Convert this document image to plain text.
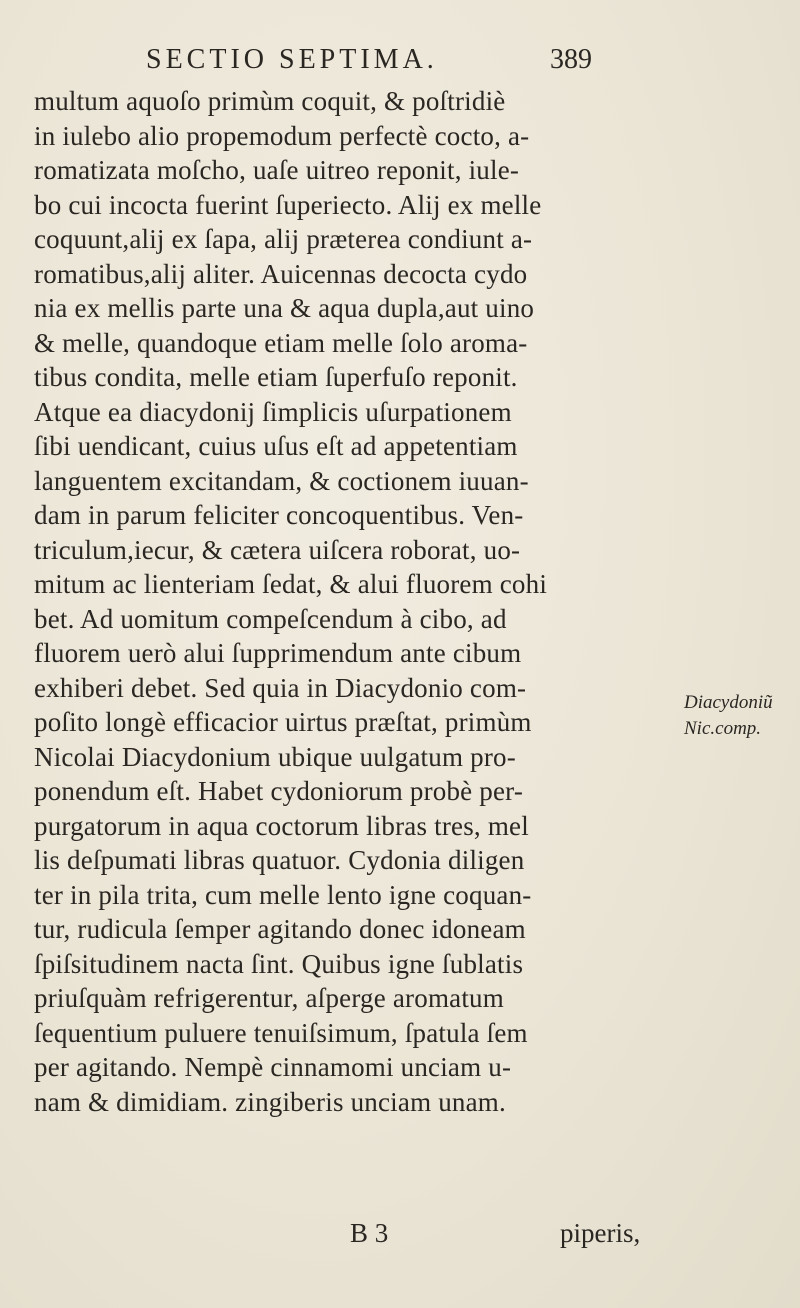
SECTIO SEPTIMA.	389
multum aquoſo primùm coquit, & poſtridiè
in iulebo alio propemodum perfectè cocto, a-
romatizata moſcho, uaſe uitreo reponit, iule-
bo cui incocta fuerint ſuperiecto. Alij ex melle
coquunt,alij ex ſapa, alij præterea condiunt a-
romatibus,alij aliter. Auicennas decocta cydo
nia ex mellis parte una & aqua dupla,aut uino
& melle, quandoque etiam melle ſolo aroma-
tibus condita, melle etiam ſuperfuſo reponit.
Atque ea diacydonij ſimplicis uſurpationem
ſibi uendicant, cuius uſus eſt ad appetentiam
languentem excitandam, & coctionem iuuan-
dam in parum feliciter concoquentibus. Ven-
triculum,iecur, & cætera uiſcera roborat, uo-
mitum ac lienteriam ſedat, & alui fluorem cohi
bet. Ad uomitum compeſcendum à cibo, ad
fluorem uerò alui ſupprimendum ante cibum
exhiberi debet. Sed quia in Diacydonio com-
poſito longè efficacior uirtus præſtat, primùm
Nicolai Diacydonium ubique uulgatum pro-
ponendum eſt. Habet cydoniorum probè per-
purgatorum in aqua coctorum libras tres, mel
lis deſpumati libras quatuor. Cydonia diligen
ter in pila trita, cum melle lento igne coquan-
tur, rudicula ſemper agitando donec idoneam
ſpiſsitudinem nacta ſint. Quibus igne ſublatis
priuſquàm refrigerentur, aſperge aromatum
ſequentium puluere tenuiſsimum, ſpatula ſem
per agitando. Nempè cinnamomi unciam u-
nam & dimidiam. zingiberis unciam unam.
Diacydoniũ
Nic.comp.
B 3	piperis,
